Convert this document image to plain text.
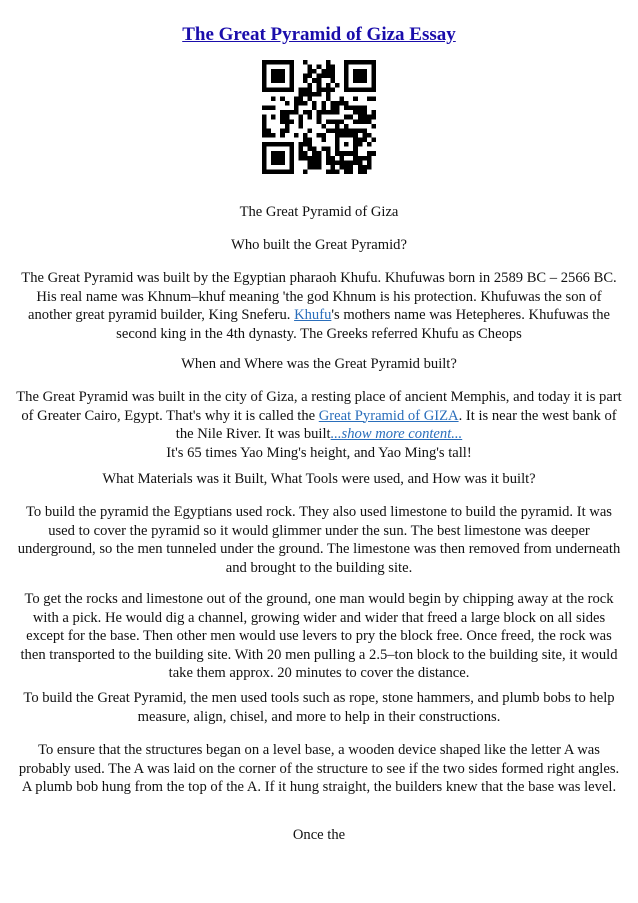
The Great Pyramid of Giza Essay

The Great Pyramid of Giza

Who built the Great Pyramid?

The Great Pyramid was built by the Egyptian pharaoh Khufu. Khufuwas born in 2589 BC – 2566 BC. His real name was Khnum–khuf meaning 'the god Khnum is his protection. Khufuwas the son of another great pyramid builder, King Sneferu. Khufu's mothers name was Hetepheres. Khufuwas the second king in the 4th dynasty. The Greeks referred Khufu as Cheops

When and Where was the Great Pyramid built?

The Great Pyramid was built in the city of Giza, a resting place of ancient Memphis, and today it is part of Greater Cairo, Egypt. That's why it is called the Great Pyramid of GIZA. It is near the west bank of the Nile River. It was built...show more content...
It's 65 times Yao Ming's height, and Yao Ming's tall!

What Materials was it Built, What Tools were used, and How was it built?

To build the pyramid the Egyptians used rock. They also used limestone to build the pyramid. It was used to cover the pyramid so it would glimmer under the sun. The best limestone was deeper underground, so the men tunneled under the ground. The limestone was then removed from underneath and brought to the building site.

To get the rocks and limestone out of the ground, one man would begin by chipping away at the rock with a pick. He would dig a channel, growing wider and wider that freed a large block on all sides except for the base. Then other men would use levers to pry the block free. Once freed, the rock was then transported to the building site. With 20 men pulling a 2.5–ton block to the building site, it would take them approx. 20 minutes to cover the distance.

To build the Great Pyramid, the men used tools such as rope, stone hammers, and plumb bobs to help measure, align, chisel, and more to help in their constructions.

To ensure that the structures began on a level base, a wooden device shaped like the letter A was probably used. The A was laid on the corner of the structure to see if the two sides formed right angles. A plumb bob hung from the top of the A. If it hung straight, the builders knew that the base was level.

Once the
